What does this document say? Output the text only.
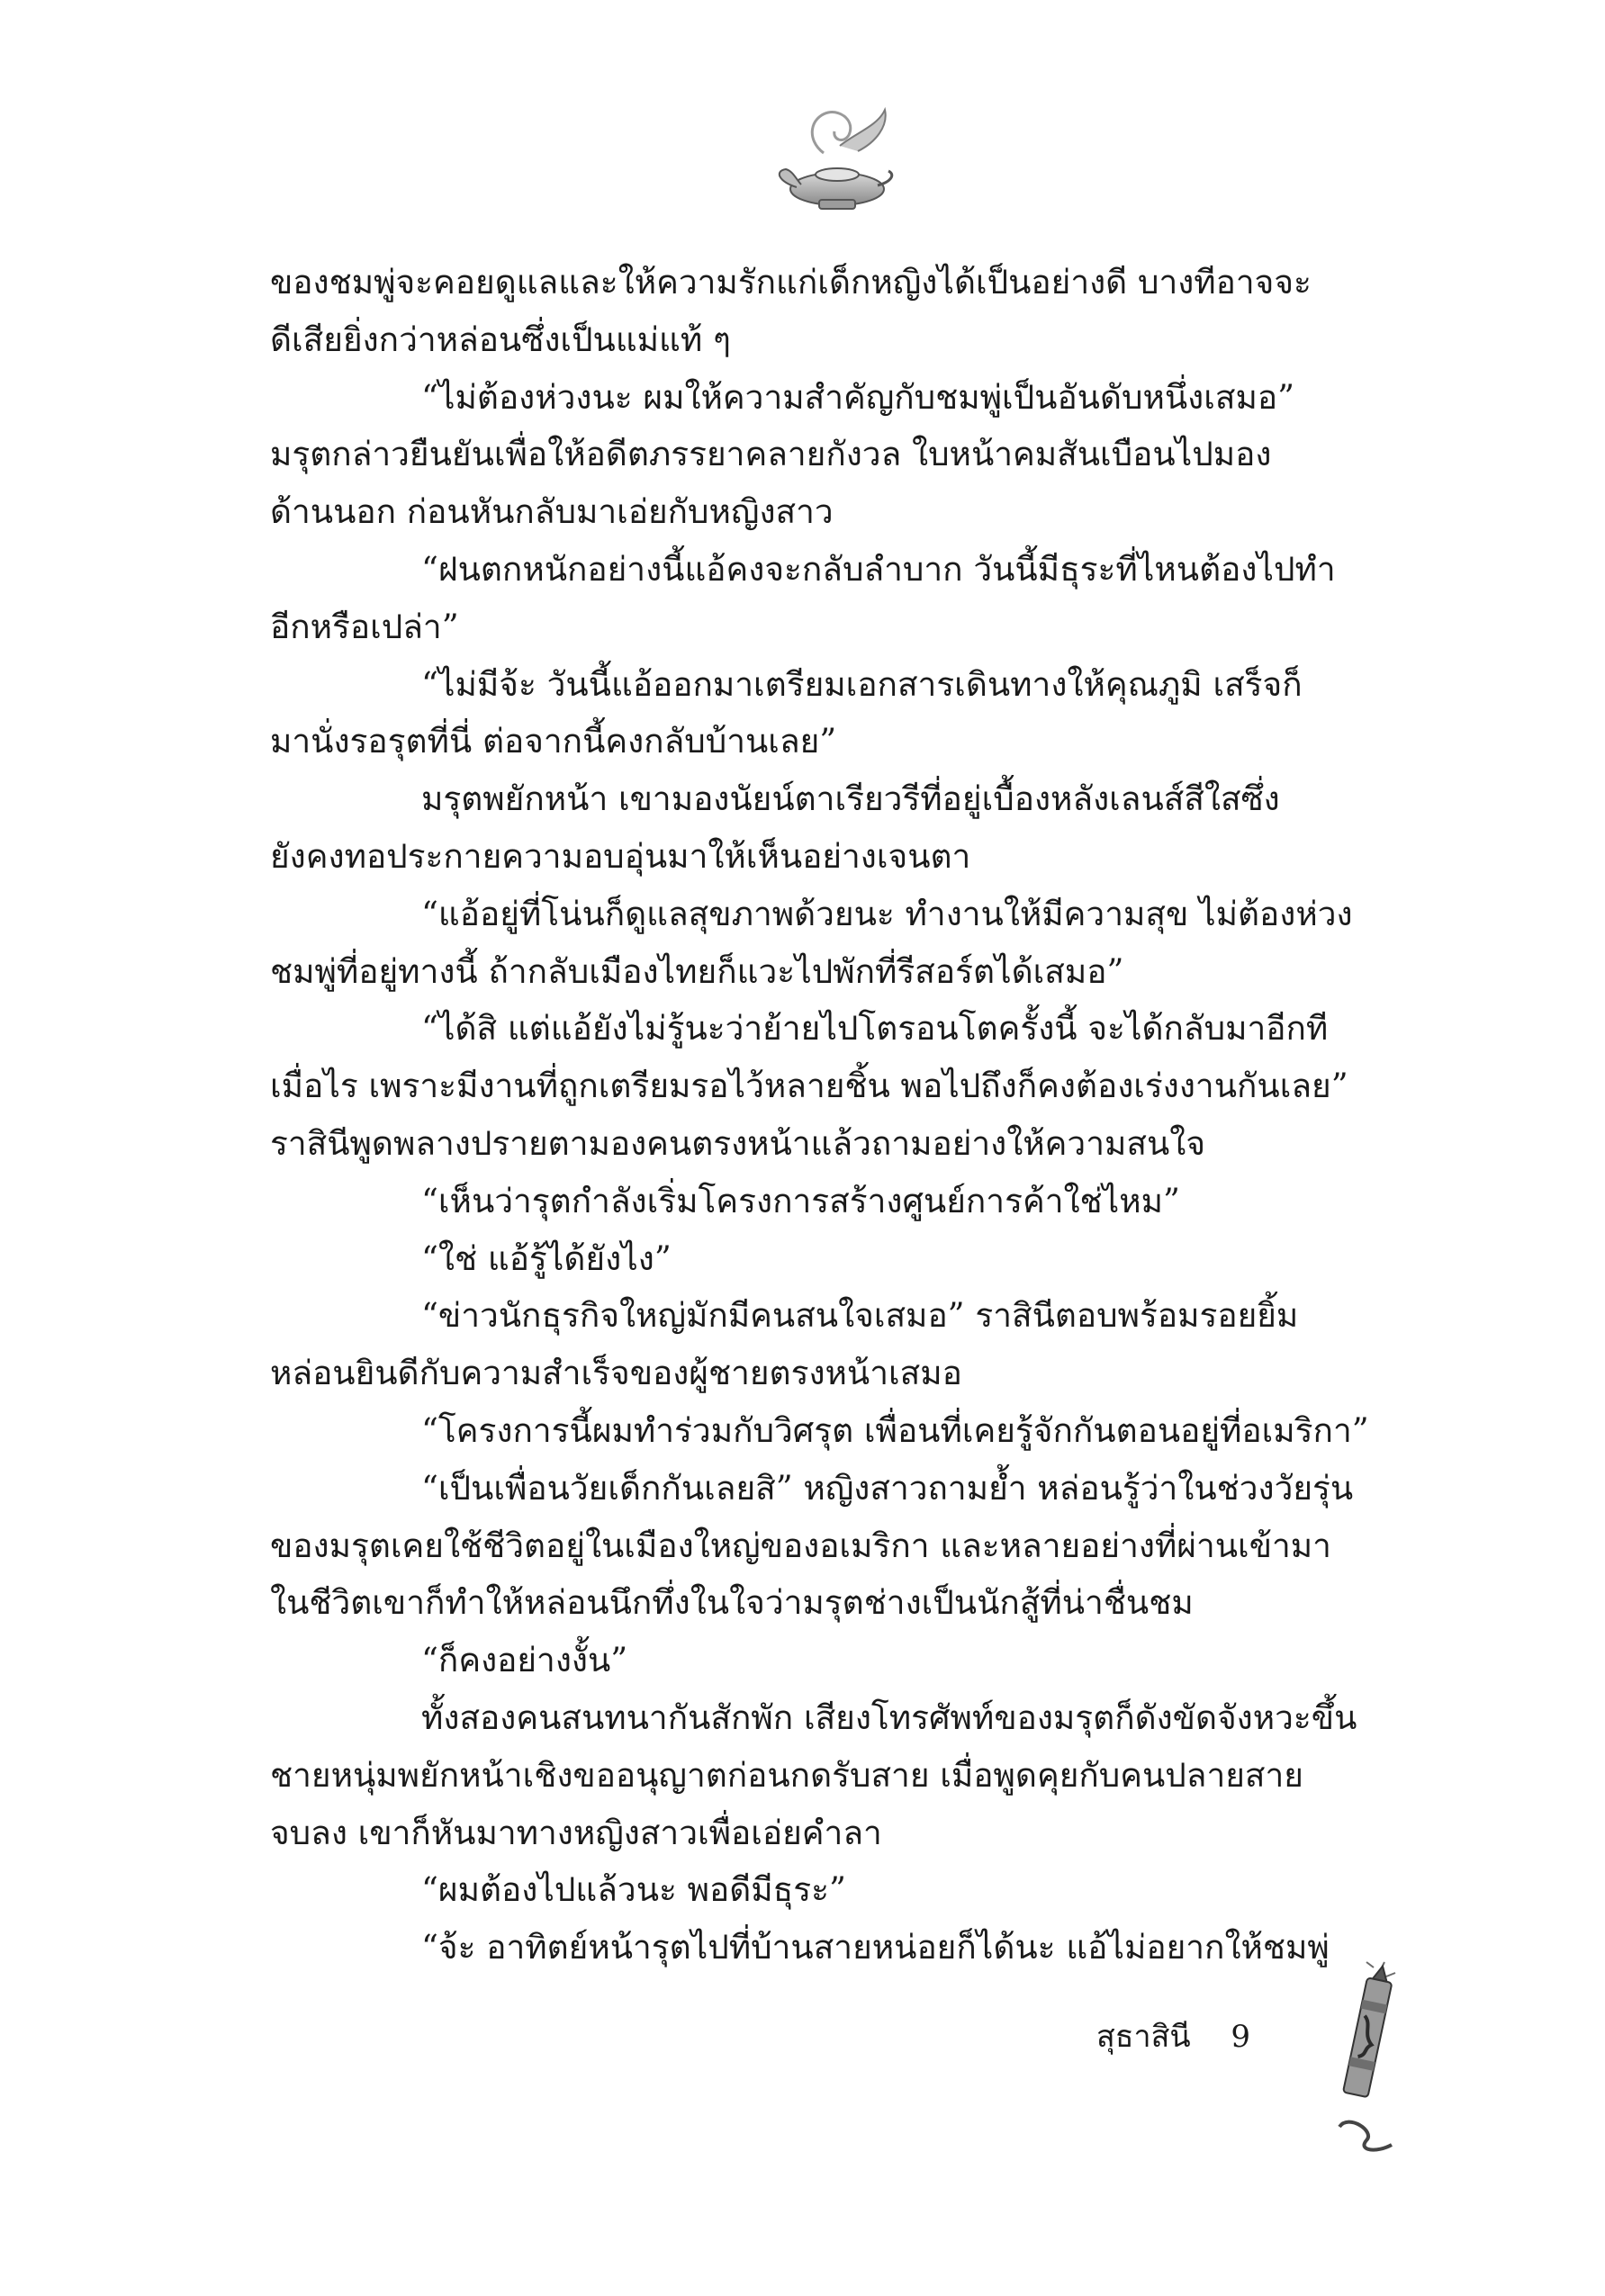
ของชมพู่จะคอยดูแลและให้ความรักแก่เด็กหญิงได้เป็นอย่างดี บางทีอาจจะ
ดีเสียยิ่งกว่าหล่อนซึ่งเป็นแม่แท้ ๆ
“ไม่ต้องห่วงนะ ผมให้ความสำคัญกับชมพู่เป็นอันดับหนึ่งเสมอ”
มรุตกล่าวยืนยันเพื่อให้อดีตภรรยาคลายกังวล ใบหน้าคมสันเบือนไปมอง
ด้านนอก ก่อนหันกลับมาเอ่ยกับหญิงสาว
“ฝนตกหนักอย่างนี้แอ้คงจะกลับลำบาก วันนี้มีธุระที่ไหนต้องไปทำ
อีกหรือเปล่า”
“ไม่มีจ้ะ วันนี้แอ้ออกมาเตรียมเอกสารเดินทางให้คุณภูมิ เสร็จก็
มานั่งรอรุตที่นี่ ต่อจากนี้คงกลับบ้านเลย”
มรุตพยักหน้า เขามองนัยน์ตาเรียวรีที่อยู่เบื้องหลังเลนส์สีใสซึ่ง
ยังคงทอประกายความอบอุ่นมาให้เห็นอย่างเจนตา
“แอ้อยู่ที่โน่นก็ดูแลสุขภาพด้วยนะ ทำงานให้มีความสุข ไม่ต้องห่วง
ชมพู่ที่อยู่ทางนี้ ถ้ากลับเมืองไทยก็แวะไปพักที่รีสอร์ตได้เสมอ”
“ได้สิ แต่แอ้ยังไม่รู้นะว่าย้ายไปโตรอนโตครั้งนี้ จะได้กลับมาอีกที
เมื่อไร เพราะมีงานที่ถูกเตรียมรอไว้หลายชิ้น พอไปถึงก็คงต้องเร่งงานกันเลย”
ราสินีพูดพลางปรายตามองคนตรงหน้าแล้วถามอย่างให้ความสนใจ
“เห็นว่ารุตกำลังเริ่มโครงการสร้างศูนย์การค้าใช่ไหม”
“ใช่ แอ้รู้ได้ยังไง”
“ข่าวนักธุรกิจใหญ่มักมีคนสนใจเสมอ” ราสินีตอบพร้อมรอยยิ้ม
หล่อนยินดีกับความสำเร็จของผู้ชายตรงหน้าเสมอ
“โครงการนี้ผมทำร่วมกับวิศรุต เพื่อนที่เคยรู้จักกันตอนอยู่ที่อเมริกา”
“เป็นเพื่อนวัยเด็กกันเลยสิ” หญิงสาวถามย้ำ หล่อนรู้ว่าในช่วงวัยรุ่น
ของมรุตเคยใช้ชีวิตอยู่ในเมืองใหญ่ของอเมริกา และหลายอย่างที่ผ่านเข้ามา
ในชีวิตเขาก็ทำให้หล่อนนึกทึ่งในใจว่ามรุตช่างเป็นนักสู้ที่น่าชื่นชม
“ก็คงอย่างงั้น”
ทั้งสองคนสนทนากันสักพัก เสียงโทรศัพท์ของมรุตก็ดังขัดจังหวะขึ้น
ชายหนุ่มพยักหน้าเชิงขออนุญาตก่อนกดรับสาย เมื่อพูดคุยกับคนปลายสาย
จบลง เขาก็หันมาทางหญิงสาวเพื่อเอ่ยคำลา
“ผมต้องไปแล้วนะ พอดีมีธุระ”
“จ้ะ อาทิตย์หน้ารุตไปที่บ้านสายหน่อยก็ได้นะ แอ้ไม่อยากให้ชมพู่
สุธาสินี 9
